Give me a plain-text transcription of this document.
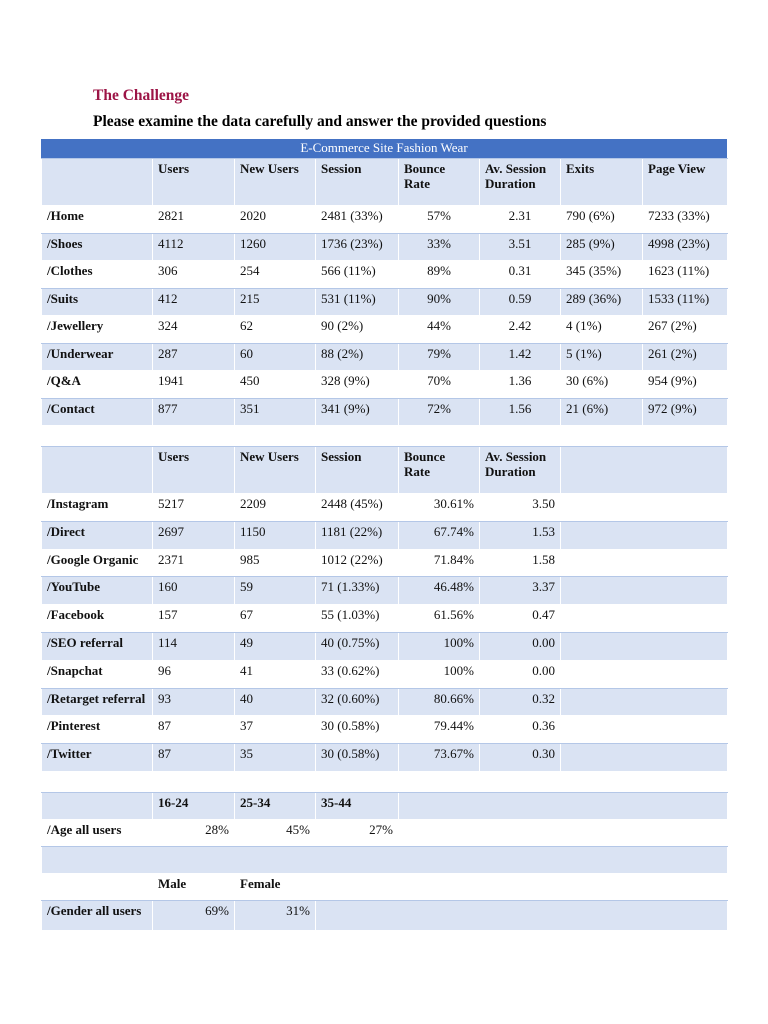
The Challenge
Please examine the data carefully and answer the provided questions

	Users	New Users	Session	Bounce Rate	Av. Session Duration	Exits	Page View
/Home	2821	2020	2481 (33%)	57%	2.31	790 (6%)	7233 (33%)
/Shoes	4112	1260	1736 (23%)	33%	3.51	285 (9%)	4998 (23%)
/Clothes	306	254	566 (11%)	89%	0.31	345 (35%)	1623 (11%)
/Suits	412	215	531 (11%)	90%	0.59	289 (36%)	1533 (11%)
/Jewellery	324	62	90 (2%)	44%	2.42	4 (1%)	267 (2%)
/Underwear	287	60	88 (2%)	79%	1.42	5 (1%)	261 (2%)
/Q&A	1941	450	328 (9%)	70%	1.36	30 (6%)	954 (9%)
/Contact	877	351	341 (9%)	72%	1.56	21 (6%)	972 (9%)

	Users	New Users	Session	Bounce Rate	Av. Session Duration		
/Instagram	5217	2209	2448 (45%)	30.61%	3.50		
/Direct	2697	1150	1181 (22%)	67.74%	1.53		
/Google Organic	2371	985	1012 (22%)	71.84%	1.58		
/YouTube	160	59	71 (1.33%)	46.48%	3.37		
/Facebook	157	67	55 (1.03%)	61.56%	0.47		
/SEO referral	114	49	40 (0.75%)	100%	0.00		
/Snapchat	96	41	33 (0.62%)	100%	0.00		
/Retarget referral	93	40	32 (0.60%)	80.66%	0.32		
/Pinterest	87	37	30 (0.58%)	79.44%	0.36		
/Twitter	87	35	30 (0.58%)	73.67%	0.30		

	16-24	25-34	35-44				
/Age all users	28%	45%	27%				

	Male	Female					
/Gender all users	69%	31%					
E-Commerce Site Fashion Wear
